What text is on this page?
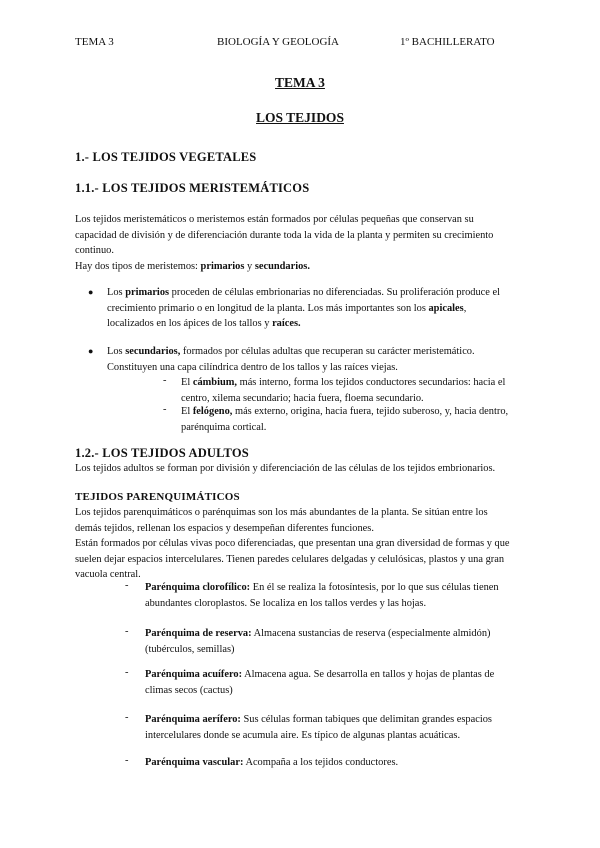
TEMA 3	BIOLOGÍA Y GEOLOGÍA	1º BACHILLERATO
TEMA 3
LOS TEJIDOS
1.- LOS TEJIDOS VEGETALES
1.1.- LOS TEJIDOS MERISTEMÁTICOS
Los tejidos meristemáticos o meristemos están formados por células pequeñas que conservan su
capacidad de división y de diferenciación durante toda la vida de la planta y permiten su crecimiento
continuo.
Hay dos tipos de meristemos: primarios y secundarios.
● Los primarios proceden de células embrionarias no diferenciadas. Su proliferación produce el
crecimiento primario o en longitud de la planta. Los más importantes son los apicales,
localizados en los ápices de los tallos y raíces.
● Los secundarios, formados por células adultas que recuperan su carácter meristemático.
Constituyen una capa cilíndrica dentro de los tallos y las raíces viejas.
- El cámbium, más interno, forma los tejidos conductores secundarios: hacia el
centro, xilema secundario; hacia fuera, floema secundario.
- El felógeno, más externo, origina, hacia fuera, tejido suberoso, y, hacia dentro,
parénquima cortical.
1.2.- LOS TEJIDOS ADULTOS
Los tejidos adultos se forman por división y diferenciación de las células de los tejidos embrionarios.
TEJIDOS PARENQUIMÁTICOS
Los tejidos parenquimáticos o parénquimas son los más abundantes de la planta. Se sitúan entre los
demás tejidos, rellenan los espacios y desempeñan diferentes funciones.
Están formados por células vivas poco diferenciadas, que presentan una gran diversidad de formas y que
suelen dejar espacios intercelulares. Tienen paredes celulares delgadas y celulósicas, plastos y una gran
vacuola central.
- Parénquima clorofílico: En él se realiza la fotosíntesis, por lo que sus células tienen
abundantes cloroplastos. Se localiza en los tallos verdes y las hojas.
- Parénquima de reserva: Almacena sustancias de reserva (especialmente almidón)
(tubérculos, semillas)
- Parénquima acuífero: Almacena agua. Se desarrolla en tallos y hojas de plantas de
climas secos (cactus)
- Parénquima aerífero: Sus células forman tabiques que delimitan grandes espacios
intercelulares donde se acumula aire. Es típico de algunas plantas acuáticas.
- Parénquima vascular: Acompaña a los tejidos conductores.
